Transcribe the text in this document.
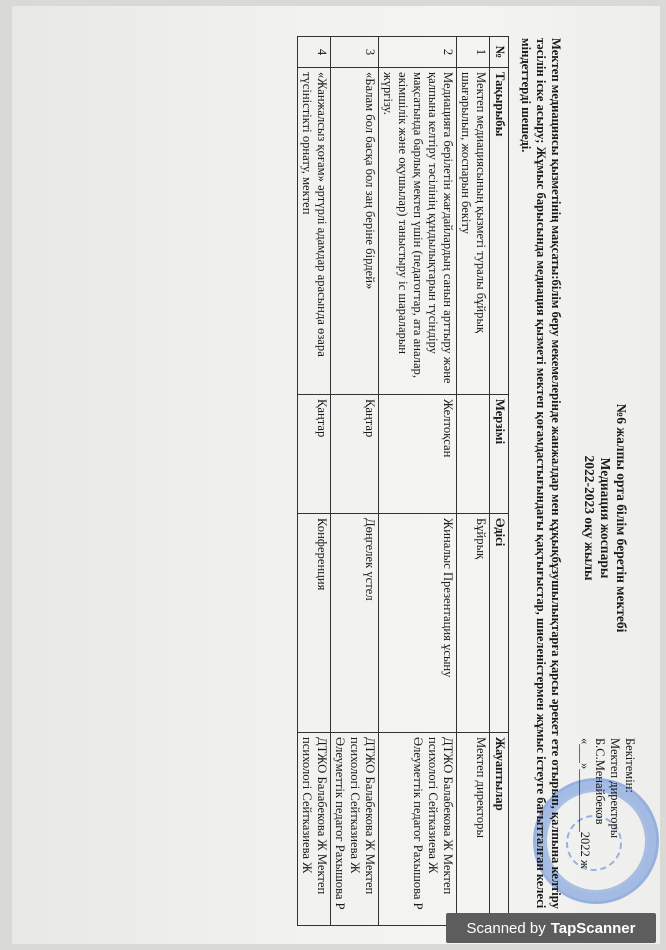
Бекітемін:
Мектеп директоры
Б.С.Менайбеков
«___»__________2022 ж
№6 жалпы орта білім беретін мектебі
Медиация жоспары
2022-2023 оқу жылы
Мектеп медиациясы қызметінің мақсаты:білім беру мекемелерінде жанжалдар мен құқықбұзушылықтарға қарсы әрекет ете отырып, қалпына келтіру тәсілін іске асыру; Жұмыс барысында медиация қызметі мектеп қоғамдастығындағы қақтығыстар, шиеленістермен жұмыс істеуге бағытталған келесі міндеттерді шешеді.
№	Тақырыбы	Мерзімі	Әдісі	Жауаптылар
1	Мектеп медиациясының қызметі туралы бұйрық шығарылып, жоспарын бекіту		Бұйрық	Мектеп директоры
2	Медиацияға берілетін жағдайлардың санын арттыру және қалпына келтіру тәсілінің құндылықтарын түсіндіру мақсатында барлық мектеп үшін (педагогтар, ата аналар, әкімшілік және оқушылар) таныстыру іс шараларын жүргізу.	Желтоқсан	Жиналыс Презентация ұсыну	ДТЖО Балабекова Ж Мектеп психологі Сейтказиева Ж Әлеуметтік педагог Рахышова Р
3	«Балам бол басқа бол заң беріне бірдей»	Қаңтар	Дөңгелек үстел	ДТЖО Балабекова Ж Мектеп психологі Сейтказиева Ж Әлеуметтік педагог Рахышова Р
4	«Жанжалсыз қоғам» әртүрлі адамдар арасында өзара түсіністікті орнату, мектеп	Қаңтар	Конференция	ДТЖО Балабекова Ж Мектеп психологі Сейтказиева Ж
Scanned by TapScanner
